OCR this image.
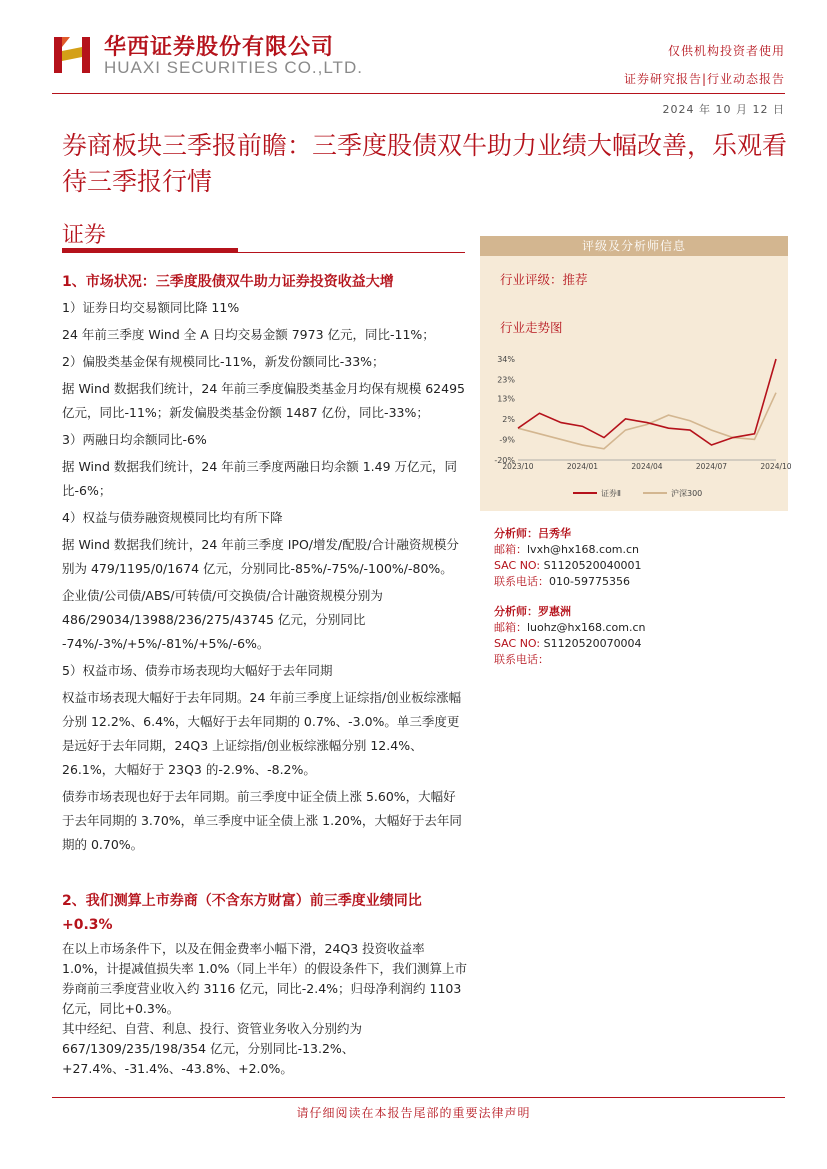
华西证券股份有限公司
HUAXI SECURITIES CO.,LTD.
仅供机构投资者使用
证券研究报告|行业动态报告
2024 年 10 月 12 日
券商板块三季报前瞻：三季度股债双牛助力业绩大幅改善，乐观看待三季报行情
证券
1、市场状况：三季度股债双牛助力证券投资收益大增

1）证券日均交易额同比降 11%

24 年前三季度 Wind 全 A 日均交易金额 7973 亿元，同比-11%；

2）偏股类基金保有规模同比-11%，新发份额同比-33%；

据 Wind 数据我们统计，24 年前三季度偏股类基金月均保有规模 62495 亿元，同比-11%；新发偏股类基金份额 1487 亿份，同比-33%；

3）两融日均余额同比-6%

据 Wind 数据我们统计，24 年前三季度两融日均余额 1.49 万亿元，同比-6%；

4）权益与债券融资规模同比均有所下降

据 Wind 数据我们统计，24 年前三季度 IPO/增发/配股/合计融资规模分别为 479/1195/0/1674 亿元，分别同比-85%/-75%/-100%/-80%。

企业债/公司债/ABS/可转债/可交换债/合计融资规模分别为 486/29034/13988/236/275/43745 亿元，分别同比 -74%/-3%/+5%/-81%/+5%/-6%。

5）权益市场、债券市场表现均大幅好于去年同期

权益市场表现大幅好于去年同期。24 年前三季度上证综指/创业板综涨幅分别 12.2%、6.4%，大幅好于去年同期的 0.7%、-3.0%。单三季度更是远好于去年同期，24Q3 上证综指/创业板综涨幅分别 12.4%、26.1%，大幅好于 23Q3 的-2.9%、-8.2%。

债券市场表现也好于去年同期。前三季度中证全债上涨 5.60%，大幅好于去年同期的 3.70%，单三季度中证全债上涨 1.20%，大幅好于去年同期的 0.70%。

2、我们测算上市券商（不含东方财富）前三季度业绩同比+0.3%

在以上市场条件下，以及在佣金费率小幅下滑，24Q3 投资收益率 1.0%，计提减值损失率 1.0%（同上半年）的假设条件下，我们测算上市券商前三季度营业收入约 3116 亿元，同比-2.4%；归母净利润约 1103 亿元，同比+0.3%。

其中经纪、自营、利息、投行、资管业务收入分别约为 667/1309/235/198/354 亿元，分别同比-13.2%、+27.4%、-31.4%、-43.8%、+2.0%。

评级及分析师信息
行业评级：推荐
行业走势图
34%
23%
13%
2%
-9%
-20%
2023/10	2024/01	2024/04	2024/07	2024/10
证券Ⅱ	沪深300
分析师：吕秀华
邮箱：lvxh@hx168.com.cn
SAC NO: S1120520040001
联系电话：010-59775356
分析师：罗惠洲
邮箱：luohz@hx168.com.cn
SAC NO: S1120520070004
联系电话：
请仔细阅读在本报告尾部的重要法律声明
